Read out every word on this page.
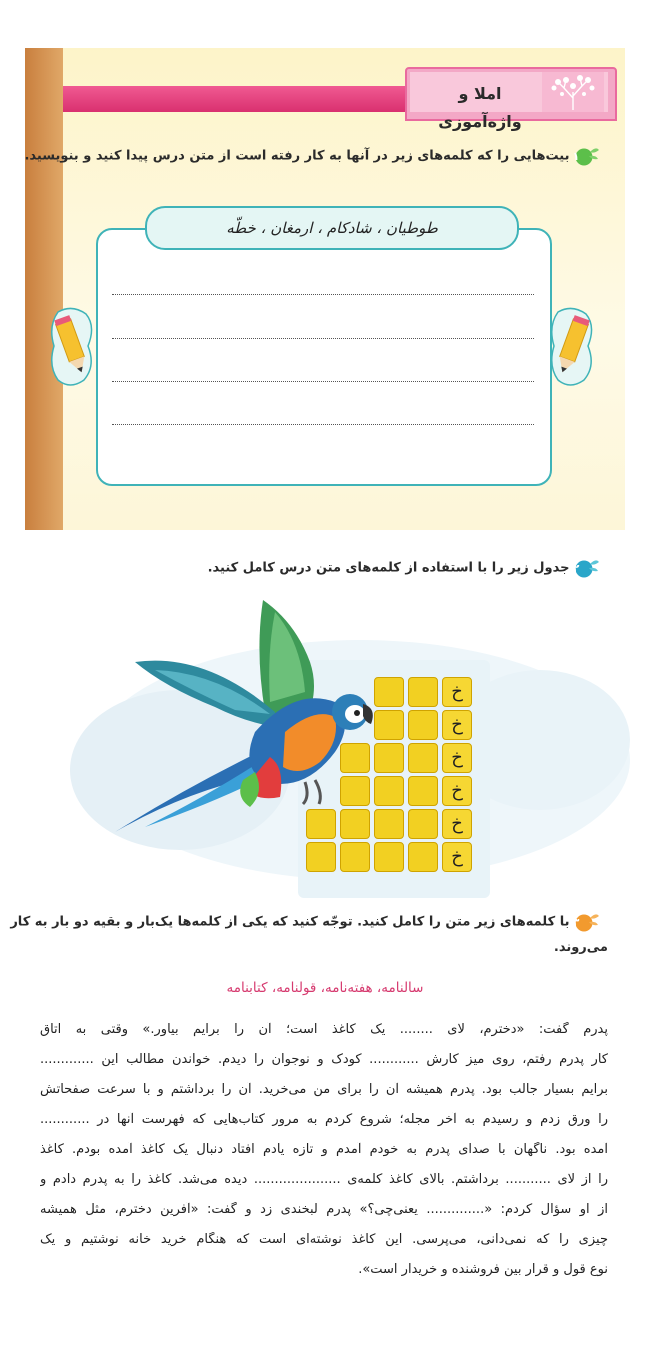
املا و واژه‌آموزی
بیت‌هایی را که کلمه‌های زیر در آنها به کار رفته است از متن درس پیدا کنید و بنویسید. ۱
طوطیان ، شادکام ، ارمغان ، خطّه
جدول زیر را با استفاده از کلمه‌های متن درس کامل کنید. ۲
خ
خ
خ
خ
خ
خ
با کلمه‌های زیر متن را کامل کنید. توجّه کنید که یکی از کلمه‌ها یک‌بار و بقیه دو بار به کار ۳
می‌روند.
سالنامه، هفته‌نامه، قولنامه، کتابنامه
پدرم گفت: «دخترم، لای ........ یک کاغذ است؛ آن را برایم بیاور.» وقتی به اتاق
کار پدرم رفتم، روی میز کارش ............ کودک و نوجوان را دیدم. خواندن مطالب این .............
برایم بسیار جالب بود. پدرم همیشه آن را برای من می‌خرید. آن را برداشتم و با سرعت صفحاتش
را ورق زدم و رسیدم به آخر مجلّه؛ شروع کردم به مرور کتاب‌هایی که فهرست آنها در ............
آمده بود. ناگهان با صدای پدرم به خودم آمدم و تازه یادم افتاد دنبال یک کاغذ آمده بودم. کاغذ
را از لای ........... برداشتم. بالای کاغذ کلمه‌ی ..................... دیده می‌شد. کاغذ را به پدرم دادم و
از او سؤال کردم: «.............. یعنی‌چی؟» پدرم لبخندی زد و گفت: «آفرین دخترم، مثل همیشه
چیزی را که نمی‌دانی، می‌پرسی. این کاغذ نوشته‌ای است که هنگام خرید خانه نوشتیم و یک
نوع قول و قرار بین فروشنده و خریدار است».
